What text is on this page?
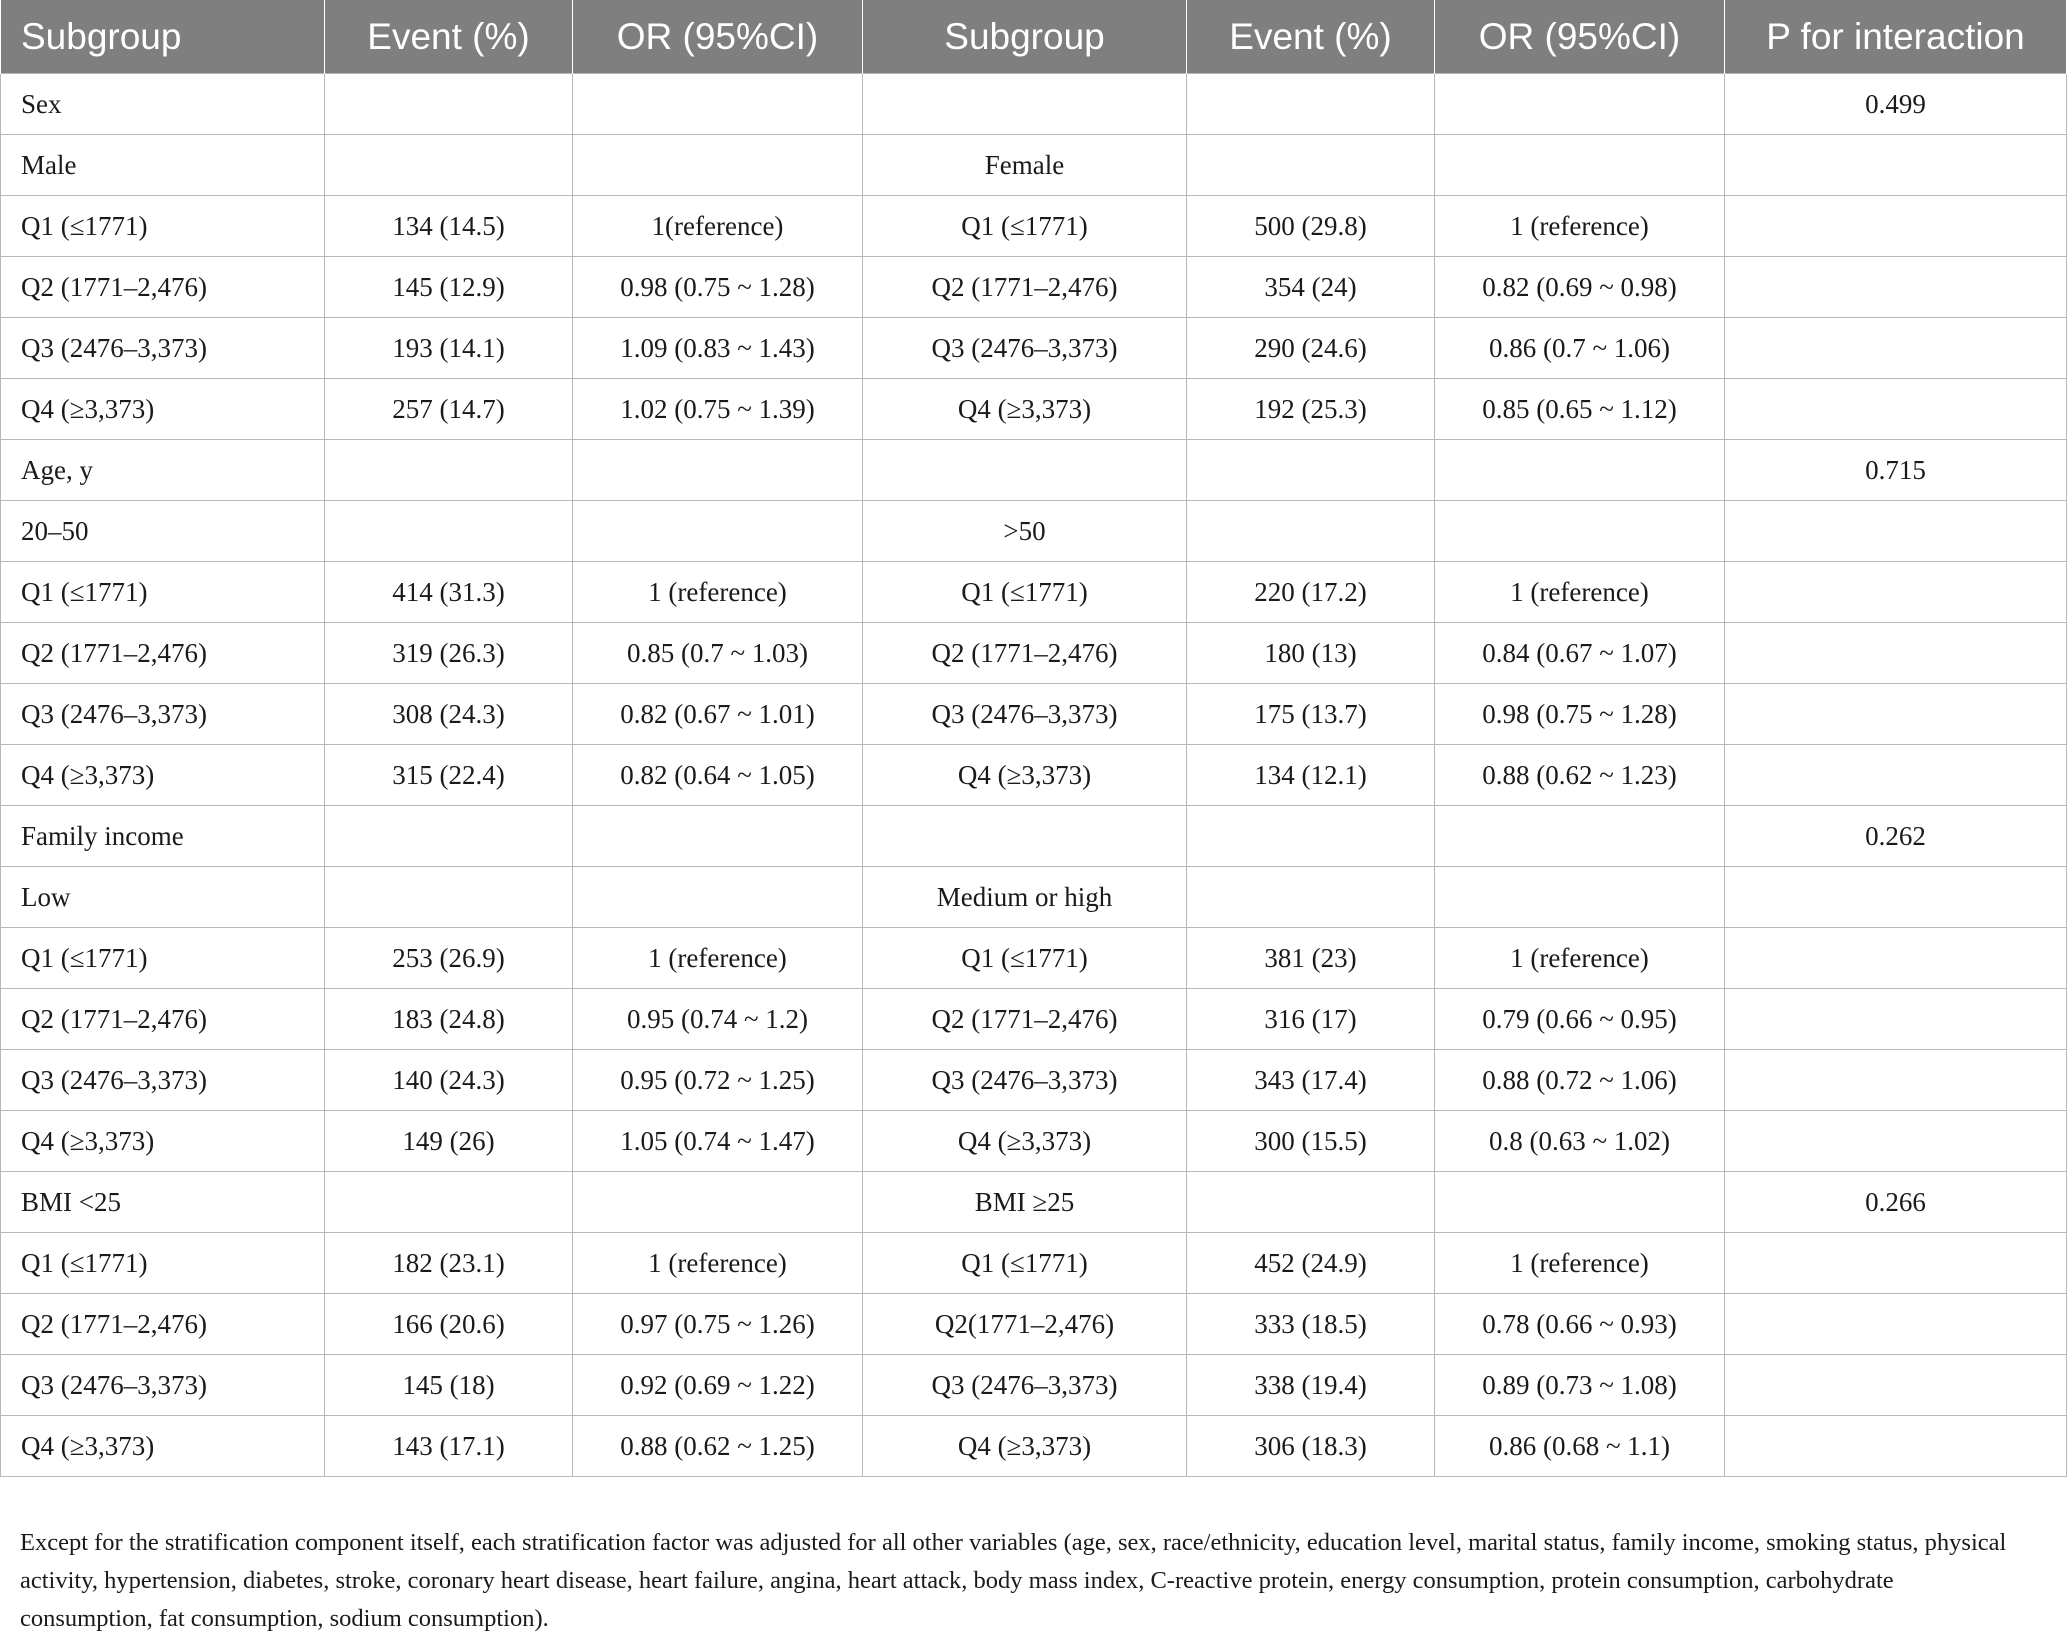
Subgroup	Event (%)	OR (95%CI)	Subgroup	Event (%)	OR (95%CI)	P for interaction
Sex						0.499
Male			Female			
Q1 (≤1771)	134 (14.5)	1(reference)	Q1 (≤1771)	500 (29.8)	1 (reference)	
Q2 (1771–2,476)	145 (12.9)	0.98 (0.75 ~ 1.28)	Q2 (1771–2,476)	354 (24)	0.82 (0.69 ~ 0.98)	
Q3 (2476–3,373)	193 (14.1)	1.09 (0.83 ~ 1.43)	Q3 (2476–3,373)	290 (24.6)	0.86 (0.7 ~ 1.06)	
Q4 (≥3,373)	257 (14.7)	1.02 (0.75 ~ 1.39)	Q4 (≥3,373)	192 (25.3)	0.85 (0.65 ~ 1.12)	
Age, y						0.715
20–50			>50			
Q1 (≤1771)	414 (31.3)	1 (reference)	Q1 (≤1771)	220 (17.2)	1 (reference)	
Q2 (1771–2,476)	319 (26.3)	0.85 (0.7 ~ 1.03)	Q2 (1771–2,476)	180 (13)	0.84 (0.67 ~ 1.07)	
Q3 (2476–3,373)	308 (24.3)	0.82 (0.67 ~ 1.01)	Q3 (2476–3,373)	175 (13.7)	0.98 (0.75 ~ 1.28)	
Q4 (≥3,373)	315 (22.4)	0.82 (0.64 ~ 1.05)	Q4 (≥3,373)	134 (12.1)	0.88 (0.62 ~ 1.23)	
Family income						0.262
Low			Medium or high			
Q1 (≤1771)	253 (26.9)	1 (reference)	Q1 (≤1771)	381 (23)	1 (reference)	
Q2 (1771–2,476)	183 (24.8)	0.95 (0.74 ~ 1.2)	Q2 (1771–2,476)	316 (17)	0.79 (0.66 ~ 0.95)	
Q3 (2476–3,373)	140 (24.3)	0.95 (0.72 ~ 1.25)	Q3 (2476–3,373)	343 (17.4)	0.88 (0.72 ~ 1.06)	
Q4 (≥3,373)	149 (26)	1.05 (0.74 ~ 1.47)	Q4 (≥3,373)	300 (15.5)	0.8 (0.63 ~ 1.02)	
BMI <25			BMI ≥25			0.266
Q1 (≤1771)	182 (23.1)	1 (reference)	Q1 (≤1771)	452 (24.9)	1 (reference)	
Q2 (1771–2,476)	166 (20.6)	0.97 (0.75 ~ 1.26)	Q2(1771–2,476)	333 (18.5)	0.78 (0.66 ~ 0.93)	
Q3 (2476–3,373)	145 (18)	0.92 (0.69 ~ 1.22)	Q3 (2476–3,373)	338 (19.4)	0.89 (0.73 ~ 1.08)	
Q4 (≥3,373)	143 (17.1)	0.88 (0.62 ~ 1.25)	Q4 (≥3,373)	306 (18.3)	0.86 (0.68 ~ 1.1)	
Except for the stratification component itself, each stratification factor was adjusted for all other variables (age, sex, race/ethnicity, education level, marital status, family income, smoking status, physical activity, hypertension, diabetes, stroke, coronary heart disease, heart failure, angina, heart attack, body mass index, C-reactive protein, energy consumption, protein consumption, carbohydrate consumption, fat consumption, sodium consumption).
